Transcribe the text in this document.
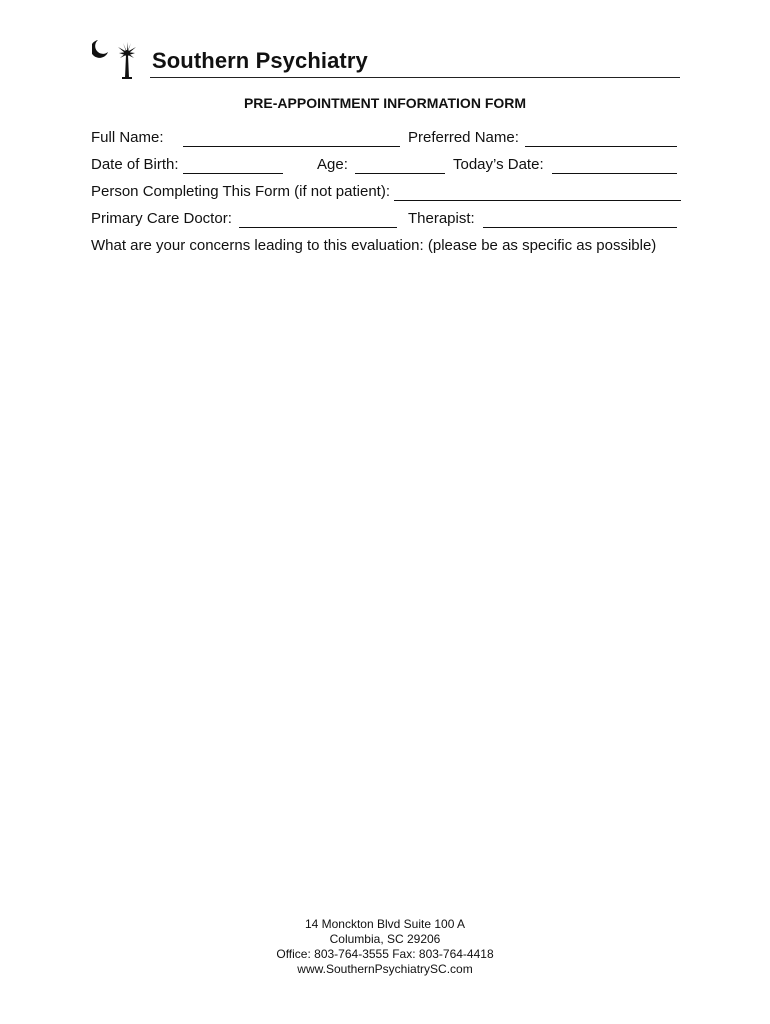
Southern Psychiatry
PRE-APPOINTMENT INFORMATION FORM
Full Name:	Preferred Name:
Date of Birth:	Age:	Today’s Date:
Person Completing This Form (if not patient):
Primary Care Doctor:	Therapist:
What are your concerns leading to this evaluation: (please be as specific as possible)
14 Monckton Blvd Suite 100 A
Columbia, SC 29206
Office: 803-764-3555 Fax: 803-764-4418
www.SouthernPsychiatrySC.com
